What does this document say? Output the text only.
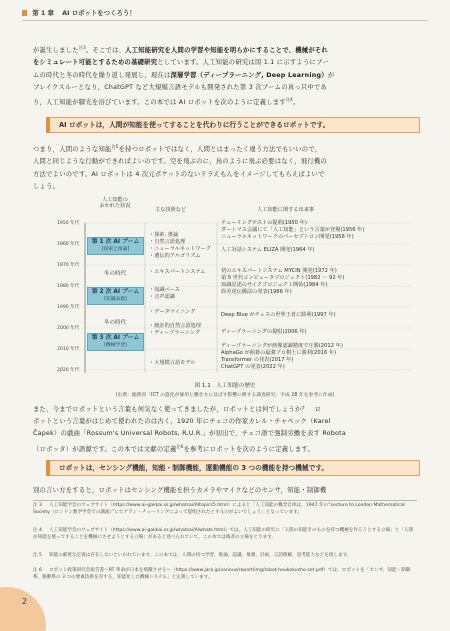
第 1 章 AI ロボットをつくろう！
が誕生しました$^{注3}$。そこでは、人工知能研究を人間の学習や知能を明らかにすることで、機械がそれ
をシミュレート可能とするための基礎研究としています。人工知能の研究は図 1.1 に示すようにブー
ムの時代と冬の時代を繰り返し発展し，現在は深層学習（ディープラーニング, Deep Learning）が
ブレイクスルーとなり，ChatGPT など大規模言語モデルも開発された第 3 次ブームの真っ只中であ
り，人工知能が脚光を浴びています。この本では AI ロボットを次のように定義します$^{注4}$。
AI ロボットは，人間が知能を使ってすることを代わりに行うことができるロボットです。
つまり，人間のような知能$^{注5}$を持つロボットではなく，人間とはまったく違う方法でもいいので，
人間と同じような行動ができればよいのです。空を飛ぶのに，鳥のように飛ぶ必要はなく，飛行機の
方法でよいのです。AI ロボットは 4 次元ポケットのないドラえもんをイメージしてもらえばよいで
しょう。
人工知能の
おかれた状況
主な技術など	人工知能に関する出来事
1950 年代
1960 年代
1970 年代
1980 年代
1990 年代
2000 年代
2010 年代
2020 年代
第 1 次 AI ブーム
(探索と推論)
冬の時代
第 2 次 AI ブーム
(知識表現)
冬の時代
第 3 次 AI ブーム
(機械学習)
・探索, 推論
・自然言語処理
・ニューラルネットワーク
・遺伝的アルゴリズム
・エキスパートシステム
・知識ベース
・音声認識
・データマイニング
・統計的自然言語処理
・ディープラーニング
・大規模言語モデル
チューリングテストの提唱(1950 年)
ダートマス会議にて「人工知能」という言葉が登場(1956 年)
ニューラルネットワークのパーセプトロン開発(1958 年)
人工対話システム ELIZA 開発(1964 年)
初のエキスパートシステム MYCIN 開発(1972 年)
第 5 世代コンピュータプロジェクト(1982 ～ 92 年)
知識記述のサイクプロジェクト開始(1984 年)
誤差逆伝播法の発表(1986 年)
Deep Blue がチェスの世界王者に勝利(1997 年)
ディープラーニングの提唱(2006 年)
ディープラーニングが画像認識精度で圧勝(2012 年)
AlphaGo が囲碁の最強プロ棋士に勝利(2016 年)
Transformer の発表(2017 年)
ChatGPT の発表(2022 年)
図 1.1　人工知能の歴史
(出典：総務省「ICT の進化が雇用と働き方に及ぼす影響に関する調査研究」平成 28 年を参考に作成)
また，今までロボットという言葉も何気なく使ってきましたが，ロボットとは何でしょうか？　ロ
ボットという言葉がはじめて使われたのは古く，1920 年にチェコの作家カレル・チャペック（Karel
Čapek）の戯曲「Rossum's Universal Robots, R.U.R.」が初出で，チェコ語で強制労働を表す Robota
（ロボッタ）が語源です。この本では文献の定義$^{注6}$を参考にロボットを次のように定義します。
ロボットは，センシング機能，知能・制御機能，運動機能の 3 つの機能を持つ機械です。
別の言い方をすると，ロボットはセンシング機能を担うカメラやマイクなどのセンサ，知能・制御機
注 3 人工知能学会のウェブサイト（https://www.ai-gakkai.or.jp/whatsai/AItopics5.html）によると「人工知能の概念自体は，1947 年の“Lecture to London Mathematical Society（ロンドン数学学会での講演）”にてアラン・チューリングによって提唱されたとするのがよいでしょう」となっています。
注 4 人工知能学会のウェブサイト（https://www.ai-gakkai.or.jp/whatsai/AIwhats.html）では，人工知能の研究に「人間の知能そのものを持つ機械を作ろうとする立場」と「人間が知能を使ってすることを機械にさせようとする立場」があると述べられていて，この本では後者の立場をとります。
注 5 知能の厳密な定義は存在しないといわれています。この本では，人間の持つ学習，推論，認識，推測，計画，言語理解，思考能力などを指します。
注 6 ロボット政策研究会報告書～RT 革命が日本を飛躍させる～（https://www.jara.jp/various/report/img/robot-houkokusho-set.pdf）では，ロボットを「センサ，知能・制御系，駆動系の 3 つの要素技術を有する，知能化した機械システム」と定義しています。
2
